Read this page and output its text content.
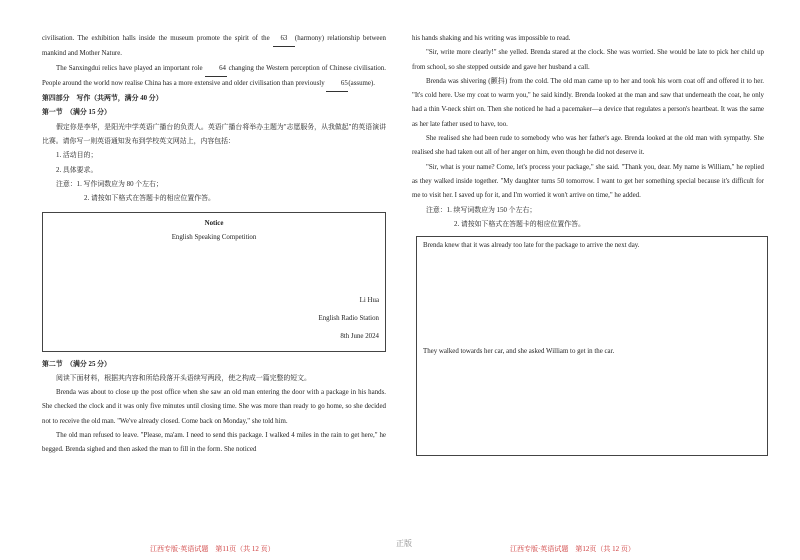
civilisation. The exhibition halls inside the museum promote the spirit of the 63 (harmony) relationship between mankind and Mother Nature.

The Sanxingdui relics have played an important role 64 changing the Western perception of Chinese civilisation. People around the world now realise China has a more extensive and older civilisation than previously 65(assume).

第四部分　写作（共两节，满分 40 分）

第一节　（满分 15 分）

假定你是李华，是阳光中学英语广播台的负责人。英语广播台将举办主题为"志愿服务，从我做起"的英语演讲比赛。请你写一则英语通知发布到学校英文网站上，内容包括：

1. 活动目的；

2. 具体要求。

注意：1. 写作词数应为 80 个左右；

2. 请按如下格式在答题卡的相应位置作答。

Notice

English Speaking Competition

Li Hua
English Radio Station
8th June 2024

第二节　（满分 25 分）

阅读下面材料，根据其内容和所给段落开头语续写两段，使之构成一篇完整的短文。

Brenda was about to close up the post office when she saw an old man entering the door with a package in his hands. She checked the clock and it was only five minutes until closing time. She was more than ready to go home, so she decided not to receive the old man. "We've already closed. Come back on Monday," she told him.

The old man refused to leave. "Please, ma'am. I need to send this package. I walked 4 miles in the rain to get here," he begged. Brenda sighed and then asked the man to fill in the form. She noticed

江西专版·英语试题　第11页（共 12 页）

his hands shaking and his writing was impossible to read.

"Sir, write more clearly!" she yelled. Brenda stared at the clock. She was worried. She would be late to pick her child up from school, so she stepped outside and gave her husband a call.

Brenda was shivering (颤抖) from the cold. The old man came up to her and took his worn coat off and offered it to her. "It's cold here. Use my coat to warm you," he said kindly. Brenda looked at the man and saw that underneath the coat, he only had a thin V-neck shirt on. Then she noticed he had a pacemaker—a device that regulates a person's heartbeat. It was the same as her late father used to have, too.

She realised she had been rude to somebody who was her father's age. Brenda looked at the old man with sympathy. She realised she had taken out all of her anger on him, even though he did not deserve it.

"Sir, what is your name? Come, let's process your package," she said. "Thank you, dear. My name is William," he replied as they walked inside together. "My daughter turns 50 tomorrow. I want to get her something special because it's difficult for me to visit her. I saved up for it, and I'm worried it won't arrive on time," he added.

注意：1. 续写词数应为 150 个左右；

2. 请按如下格式在答题卡的相应位置作答。

Brenda knew that it was already too late for the package to arrive the next day.

They walked towards her car, and she asked William to get in the car.

江西专版·英语试题　第12页（共 12 页）
正版
